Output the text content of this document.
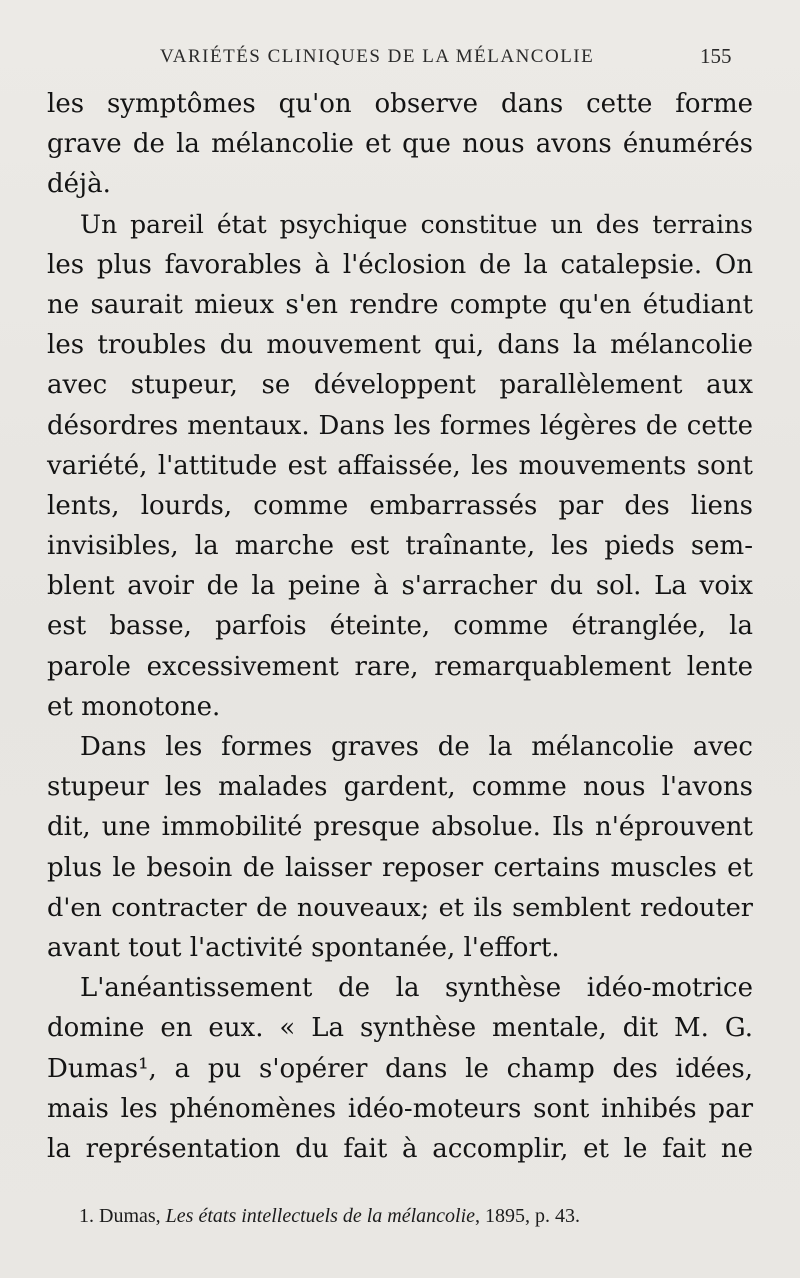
VARIÉTÉS CLINIQUES DE LA MÉLANCOLIE	155
les symptômes qu'on observe dans cette forme
grave de la mélancolie et que nous avons énumérés
déjà.
Un pareil état psychique constitue un des terrains
les plus favorables à l'éclosion de la catalepsie. On
ne saurait mieux s'en rendre compte qu'en étudiant
les troubles du mouvement qui, dans la mélancolie
avec stupeur, se développent parallèlement aux
désordres mentaux. Dans les formes légères de cette
variété, l'attitude est affaissée, les mouvements sont
lents, lourds, comme embarrassés par des liens
invisibles, la marche est traînante, les pieds sem-
blent avoir de la peine à s'arracher du sol. La voix
est basse, parfois éteinte, comme étranglée, la
parole excessivement rare, remarquablement lente
et monotone.
Dans les formes graves de la mélancolie avec
stupeur les malades gardent, comme nous l'avons
dit, une immobilité presque absolue. Ils n'éprouvent
plus le besoin de laisser reposer certains muscles et
d'en contracter de nouveaux; et ils semblent redouter
avant tout l'activité spontanée, l'effort.
L'anéantissement de la synthèse idéo-motrice
domine en eux. « La synthèse mentale, dit M. G.
Dumas¹, a pu s'opérer dans le champ des idées,
mais les phénomènes idéo-moteurs sont inhibés par
la représentation du fait à accomplir, et le fait ne
1. Dumas, Les états intellectuels de la mélancolie, 1895, p. 43.
